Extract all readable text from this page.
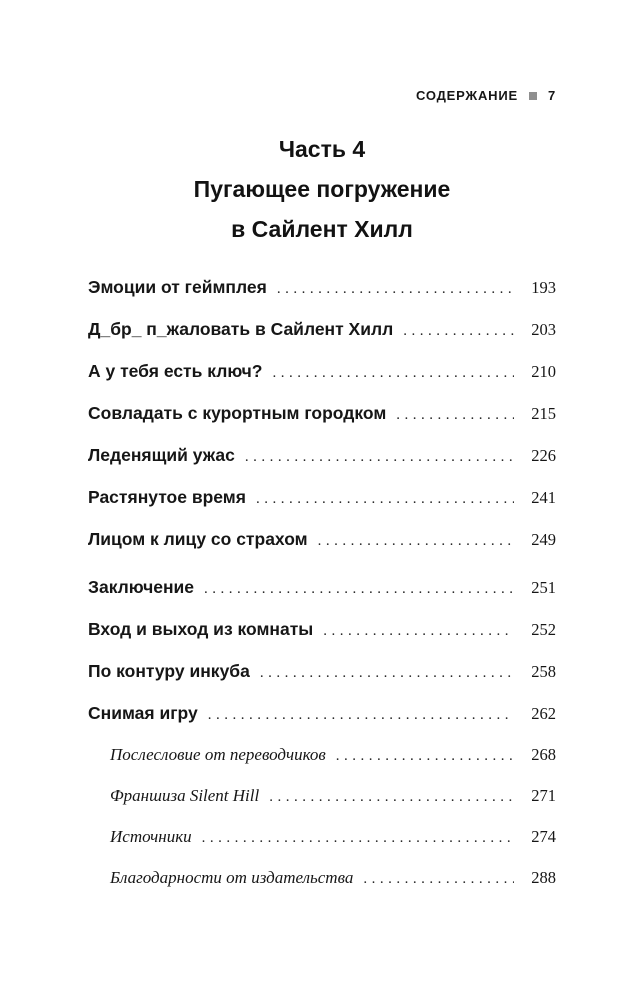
СОДЕРЖАНИЕ 7
Часть 4
Пугающее погружение
в Сайлент Хилл
Эмоции от геймплея .....	193
Д_бр_ п_жаловать в Сайлент Хилл .....	203
А у тебя есть ключ? .....	210
Совладать с курортным городком .....	215
Леденящий ужас .....	226
Растянутое время .....	241
Лицом к лицу со страхом .....	249
Заключение .....	251
Вход и выход из комнаты .....	252
По контуру инкуба .....	258
Снимая игру .....	262
Послесловие от переводчиков .....	268
Франшиза Silent Hill .....	271
Источники .....	274
Благодарности от издательства .....	288
